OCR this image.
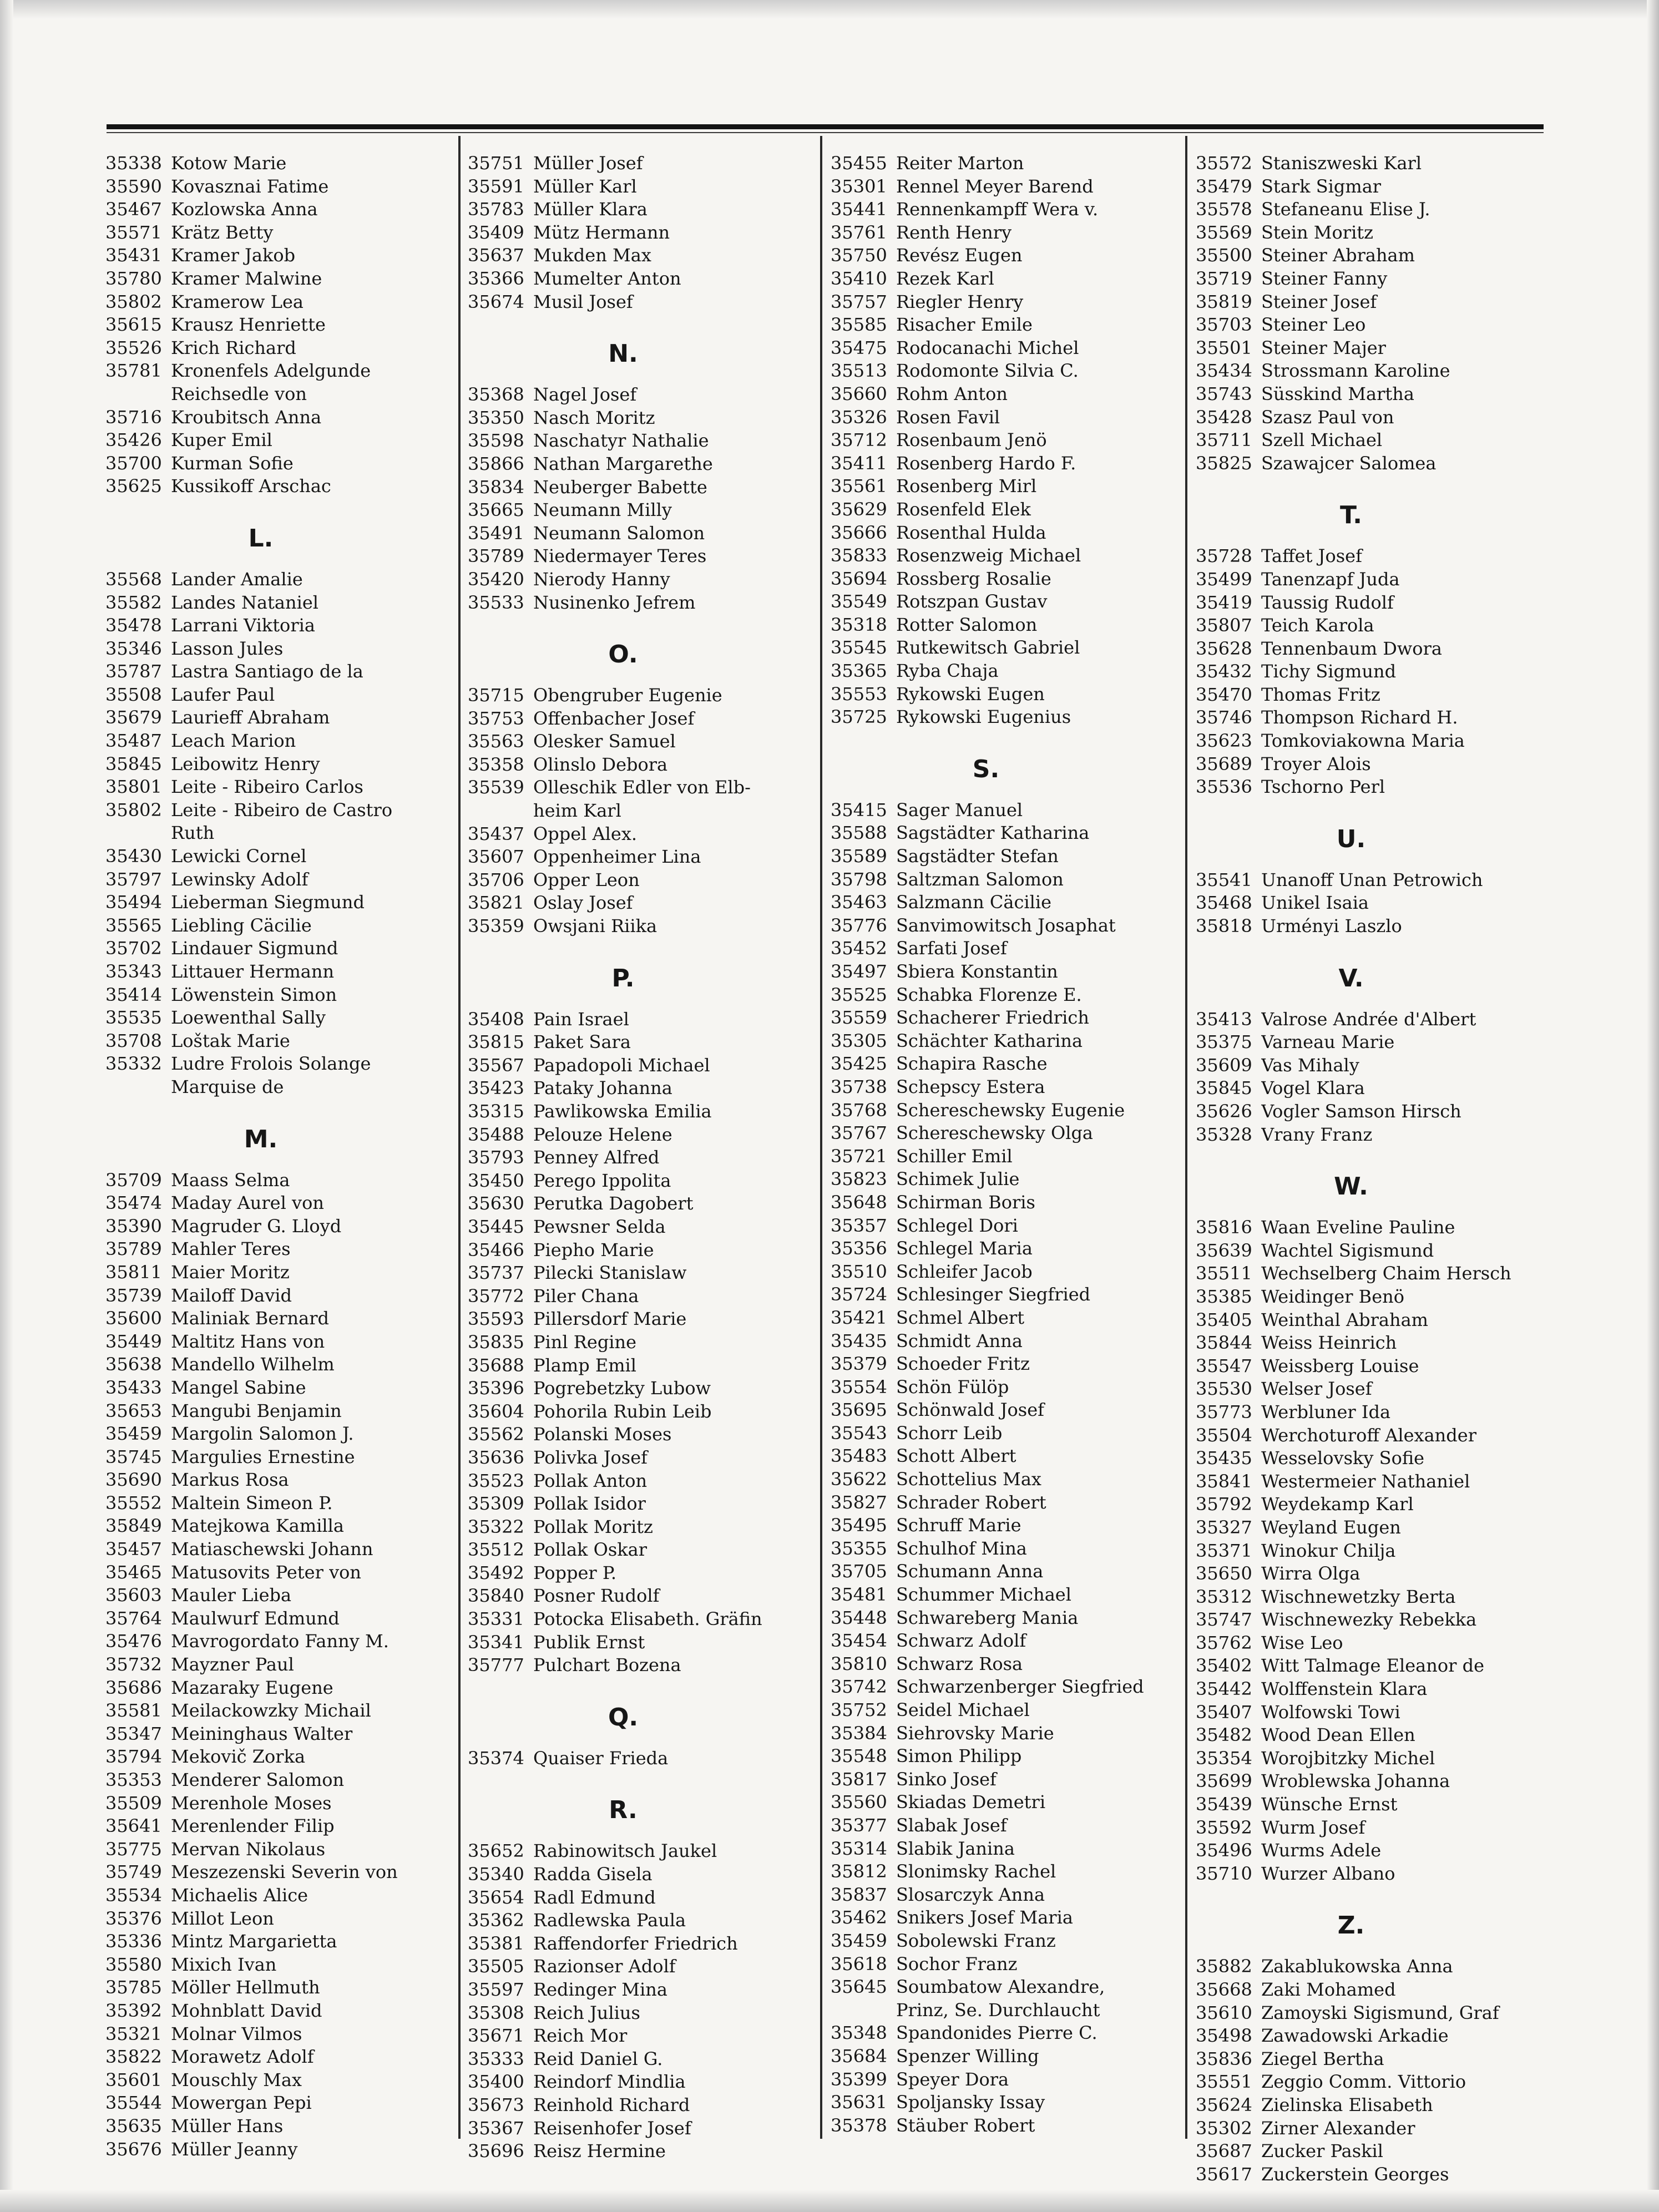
35338 Kotow Marie
35590 Kovasznai Fatime
35467 Kozlowska Anna
35571 Krätz Betty
35431 Kramer Jakob
35780 Kramer Malwine
35802 Kramerow Lea
35615 Krausz Henriette
35526 Krich Richard
35781 Kronenfels Adelgunde
Reichsedle von
35716 Kroubitsch Anna
35426 Kuper Emil
35700 Kurman Sofie
35625 Kussikoff Arschac
L.
35568 Lander Amalie
35582 Landes Nataniel
35478 Larrani Viktoria
35346 Lasson Jules
35787 Lastra Santiago de la
35508 Laufer Paul
35679 Laurieff Abraham
35487 Leach Marion
35845 Leibowitz Henry
35801 Leite - Ribeiro Carlos
35802 Leite - Ribeiro de Castro
Ruth
35430 Lewicki Cornel
35797 Lewinsky Adolf
35494 Lieberman Siegmund
35565 Liebling Cäcilie
35702 Lindauer Sigmund
35343 Littauer Hermann
35414 Löwenstein Simon
35535 Loewenthal Sally
35708 Loštak Marie
35332 Ludre Frolois Solange
Marquise de
M.
35709 Maass Selma
35474 Maday Aurel von
35390 Magruder G. Lloyd
35789 Mahler Teres
35811 Maier Moritz
35739 Mailoff David
35600 Maliniak Bernard
35449 Maltitz Hans von
35638 Mandello Wilhelm
35433 Mangel Sabine
35653 Mangubi Benjamin
35459 Margolin Salomon J.
35745 Margulies Ernestine
35690 Markus Rosa
35552 Maltein Simeon P.
35849 Matejkowa Kamilla
35457 Matiaschewski Johann
35465 Matusovits Peter von
35603 Mauler Lieba
35764 Maulwurf Edmund
35476 Mavrogordato Fanny M.
35732 Mayzner Paul
35686 Mazaraky Eugene
35581 Meilackowzky Michail
35347 Meininghaus Walter
35794 Mekovič Zorka
35353 Menderer Salomon
35509 Merenhole Moses
35641 Merenlender Filip
35775 Mervan Nikolaus
35749 Meszezenski Severin von
35534 Michaelis Alice
35376 Millot Leon
35336 Mintz Margarietta
35580 Mixich Ivan
35785 Möller Hellmuth
35392 Mohnblatt David
35321 Molnar Vilmos
35822 Morawetz Adolf
35601 Mouschly Max
35544 Mowergan Pepi
35635 Müller Hans
35676 Müller Jeanny
35751 Müller Josef
35591 Müller Karl
35783 Müller Klara
35409 Mütz Hermann
35637 Mukden Max
35366 Mumelter Anton
35674 Musil Josef
N.
35368 Nagel Josef
35350 Nasch Moritz
35598 Naschatyr Nathalie
35866 Nathan Margarethe
35834 Neuberger Babette
35665 Neumann Milly
35491 Neumann Salomon
35789 Niedermayer Teres
35420 Nierody Hanny
35533 Nusinenko Jefrem
O.
35715 Obengruber Eugenie
35753 Offenbacher Josef
35563 Olesker Samuel
35358 Olinslo Debora
35539 Olleschik Edler von Elb-
heim Karl
35437 Oppel Alex.
35607 Oppenheimer Lina
35706 Opper Leon
35821 Oslay Josef
35359 Owsjani Riika
P.
35408 Pain Israel
35815 Paket Sara
35567 Papadopoli Michael
35423 Pataky Johanna
35315 Pawlikowska Emilia
35488 Pelouze Helene
35793 Penney Alfred
35450 Perego Ippolita
35630 Perutka Dagobert
35445 Pewsner Selda
35466 Piepho Marie
35737 Pilecki Stanislaw
35772 Piler Chana
35593 Pillersdorf Marie
35835 Pinl Regine
35688 Plamp Emil
35396 Pogrebetzky Lubow
35604 Pohorila Rubin Leib
35562 Polanski Moses
35636 Polivka Josef
35523 Pollak Anton
35309 Pollak Isidor
35322 Pollak Moritz
35512 Pollak Oskar
35492 Popper P.
35840 Posner Rudolf
35331 Potocka Elisabeth. Gräfin
35341 Publik Ernst
35777 Pulchart Bozena
Q.
35374 Quaiser Frieda
R.
35652 Rabinowitsch Jaukel
35340 Radda Gisela
35654 Radl Edmund
35362 Radlewska Paula
35381 Raffendorfer Friedrich
35505 Razionser Adolf
35597 Redinger Mina
35308 Reich Julius
35671 Reich Mor
35333 Reid Daniel G.
35400 Reindorf Mindlia
35673 Reinhold Richard
35367 Reisenhofer Josef
35696 Reisz Hermine
35455 Reiter Marton
35301 Rennel Meyer Barend
35441 Rennenkampff Wera v.
35761 Renth Henry
35750 Revész Eugen
35410 Rezek Karl
35757 Riegler Henry
35585 Risacher Emile
35475 Rodocanachi Michel
35513 Rodomonte Silvia C.
35660 Rohm Anton
35326 Rosen Favil
35712 Rosenbaum Jenö
35411 Rosenberg Hardo F.
35561 Rosenberg Mirl
35629 Rosenfeld Elek
35666 Rosenthal Hulda
35833 Rosenzweig Michael
35694 Rossberg Rosalie
35549 Rotszpan Gustav
35318 Rotter Salomon
35545 Rutkewitsch Gabriel
35365 Ryba Chaja
35553 Rykowski Eugen
35725 Rykowski Eugenius
S.
35415 Sager Manuel
35588 Sagstädter Katharina
35589 Sagstädter Stefan
35798 Saltzman Salomon
35463 Salzmann Cäcilie
35776 Sanvimowitsch Josaphat
35452 Sarfati Josef
35497 Sbiera Konstantin
35525 Schabka Florenze E.
35559 Schacherer Friedrich
35305 Schächter Katharina
35425 Schapira Rasche
35738 Schepscy Estera
35768 Schereschewsky Eugenie
35767 Schereschewsky Olga
35721 Schiller Emil
35823 Schimek Julie
35648 Schirman Boris
35357 Schlegel Dori
35356 Schlegel Maria
35510 Schleifer Jacob
35724 Schlesinger Siegfried
35421 Schmel Albert
35435 Schmidt Anna
35379 Schoeder Fritz
35554 Schön Fülöp
35695 Schönwald Josef
35543 Schorr Leib
35483 Schott Albert
35622 Schottelius Max
35827 Schrader Robert
35495 Schruff Marie
35355 Schulhof Mina
35705 Schumann Anna
35481 Schummer Michael
35448 Schwareberg Mania
35454 Schwarz Adolf
35810 Schwarz Rosa
35742 Schwarzenberger Siegfried
35752 Seidel Michael
35384 Siehrovsky Marie
35548 Simon Philipp
35817 Sinko Josef
35560 Skiadas Demetri
35377 Slabak Josef
35314 Slabik Janina
35812 Slonimsky Rachel
35837 Slosarczyk Anna
35462 Snikers Josef Maria
35459 Sobolewski Franz
35618 Sochor Franz
35645 Soumbatow Alexandre,
Prinz, Se. Durchlaucht
35348 Spandonides Pierre C.
35684 Spenzer Willing
35399 Speyer Dora
35631 Spoljansky Issay
35378 Stäuber Robert
35572 Staniszweski Karl
35479 Stark Sigmar
35578 Stefaneanu Elise J.
35569 Stein Moritz
35500 Steiner Abraham
35719 Steiner Fanny
35819 Steiner Josef
35703 Steiner Leo
35501 Steiner Majer
35434 Strossmann Karoline
35743 Süsskind Martha
35428 Szasz Paul von
35711 Szell Michael
35825 Szawajcer Salomea
T.
35728 Taffet Josef
35499 Tanenzapf Juda
35419 Taussig Rudolf
35807 Teich Karola
35628 Tennenbaum Dwora
35432 Tichy Sigmund
35470 Thomas Fritz
35746 Thompson Richard H.
35623 Tomkoviakowna Maria
35689 Troyer Alois
35536 Tschorno Perl
U.
35541 Unanoff Unan Petrowich
35468 Unikel Isaia
35818 Urményi Laszlo
V.
35413 Valrose Andrée d'Albert
35375 Varneau Marie
35609 Vas Mihaly
35845 Vogel Klara
35626 Vogler Samson Hirsch
35328 Vrany Franz
W.
35816 Waan Eveline Pauline
35639 Wachtel Sigismund
35511 Wechselberg Chaim Hersch
35385 Weidinger Benö
35405 Weinthal Abraham
35844 Weiss Heinrich
35547 Weissberg Louise
35530 Welser Josef
35773 Werbluner Ida
35504 Werchoturoff Alexander
35435 Wesselovsky Sofie
35841 Westermeier Nathaniel
35792 Weydekamp Karl
35327 Weyland Eugen
35371 Winokur Chilja
35650 Wirra Olga
35312 Wischnewetzky Berta
35747 Wischnewezky Rebekka
35762 Wise Leo
35402 Witt Talmage Eleanor de
35442 Wolffenstein Klara
35407 Wolfowski Towi
35482 Wood Dean Ellen
35354 Worojbitzky Michel
35699 Wroblewska Johanna
35439 Wünsche Ernst
35592 Wurm Josef
35496 Wurms Adele
35710 Wurzer Albano
Z.
35882 Zakablukowska Anna
35668 Zaki Mohamed
35610 Zamoyski Sigismund, Graf
35498 Zawadowski Arkadie
35836 Ziegel Bertha
35551 Zeggio Comm. Vittorio
35624 Zielinska Elisabeth
35302 Zirner Alexander
35687 Zucker Paskil
35617 Zuckerstein Georges
